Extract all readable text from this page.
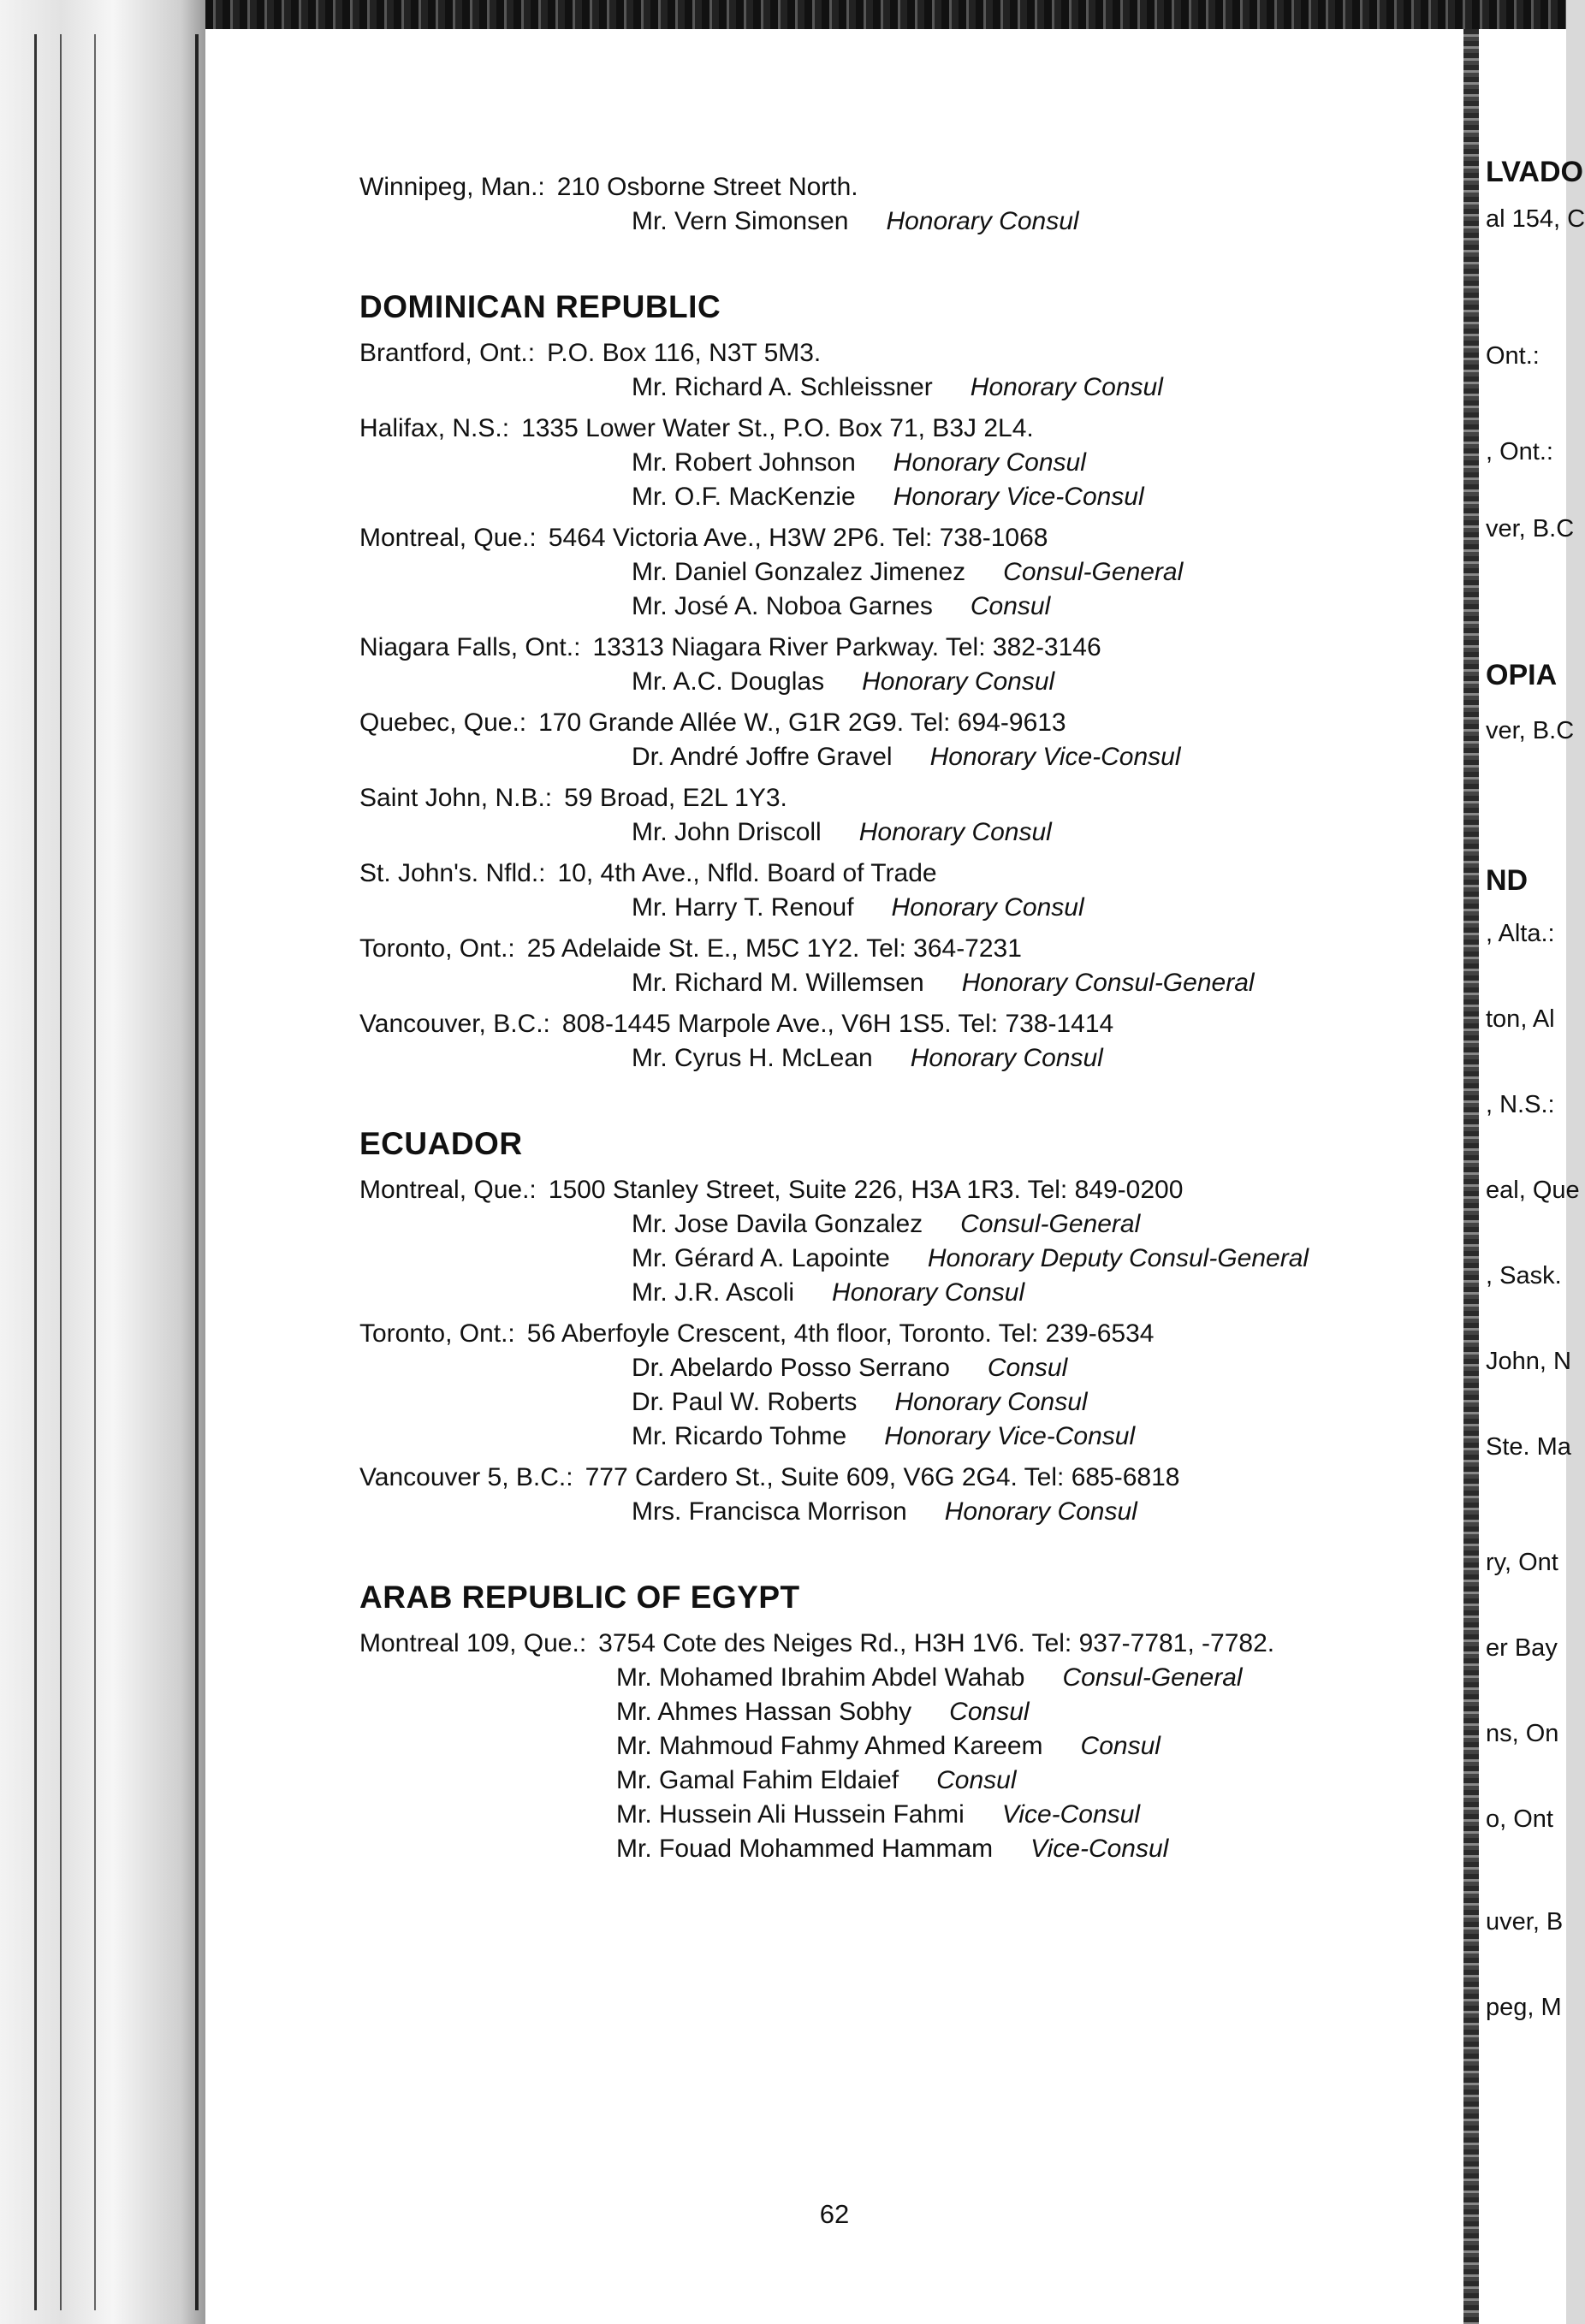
Winnipeg, Man.: 210 Osborne Street North.
Mr. Vern Simonsen Honorary Consul
DOMINICAN REPUBLIC
Brantford, Ont.: P.O. Box 116, N3T 5M3.
Mr. Richard A. Schleissner Honorary Consul
Halifax, N.S.: 1335 Lower Water St., P.O. Box 71, B3J 2L4.
Mr. Robert Johnson Honorary Consul
Mr. O.F. MacKenzie Honorary Vice-Consul
Montreal, Que.: 5464 Victoria Ave., H3W 2P6. Tel: 738-1068
Mr. Daniel Gonzalez Jimenez Consul-General
Mr. José A. Noboa Garnes Consul
Niagara Falls, Ont.: 13313 Niagara River Parkway. Tel: 382-3146
Mr. A.C. Douglas Honorary Consul
Quebec, Que.: 170 Grande Allée W., G1R 2G9. Tel: 694-9613
Dr. André Joffre Gravel Honorary Vice-Consul
Saint John, N.B.: 59 Broad, E2L 1Y3.
Mr. John Driscoll Honorary Consul
St. John's. Nfld.: 10, 4th Ave., Nfld. Board of Trade
Mr. Harry T. Renouf Honorary Consul
Toronto, Ont.: 25 Adelaide St. E., M5C 1Y2. Tel: 364-7231
Mr. Richard M. Willemsen Honorary Consul-General
Vancouver, B.C.: 808-1445 Marpole Ave., V6H 1S5. Tel: 738-1414
Mr. Cyrus H. McLean Honorary Consul
ECUADOR
Montreal, Que.: 1500 Stanley Street, Suite 226, H3A 1R3. Tel: 849-0200
Mr. Jose Davila Gonzalez Consul-General
Mr. Gérard A. Lapointe Honorary Deputy Consul-General
Mr. J.R. Ascoli Honorary Consul
Toronto, Ont.: 56 Aberfoyle Crescent, 4th floor, Toronto. Tel: 239-6534
Dr. Abelardo Posso Serrano Consul
Dr. Paul W. Roberts Honorary Consul
Mr. Ricardo Tohme Honorary Vice-Consul
Vancouver 5, B.C.: 777 Cardero St., Suite 609, V6G 2G4. Tel: 685-6818
Mrs. Francisca Morrison Honorary Consul
ARAB REPUBLIC OF EGYPT
Montreal 109, Que.: 3754 Cote des Neiges Rd., H3H 1V6. Tel: 937-7781, -7782.
Mr. Mohamed Ibrahim Abdel Wahab Consul-General
Mr. Ahmes Hassan Sobhy Consul
Mr. Mahmoud Fahmy Ahmed Kareem Consul
Mr. Gamal Fahim Eldaief Consul
Mr. Hussein Ali Hussein Fahmi Vice-Consul
Mr. Fouad Mohammed Hammam Vice-Consul
62
LVADO
al 154, C
Ont.:
, Ont.:
ver, B.C
OPIA
ver, B.C
ND
, Alta.:
ton, Al
, N.S.:
eal, Que
, Sask.
John, N
Ste. Ma
ry, Ont
er Bay
ns, On
o, Ont
uver, B
peg, M
